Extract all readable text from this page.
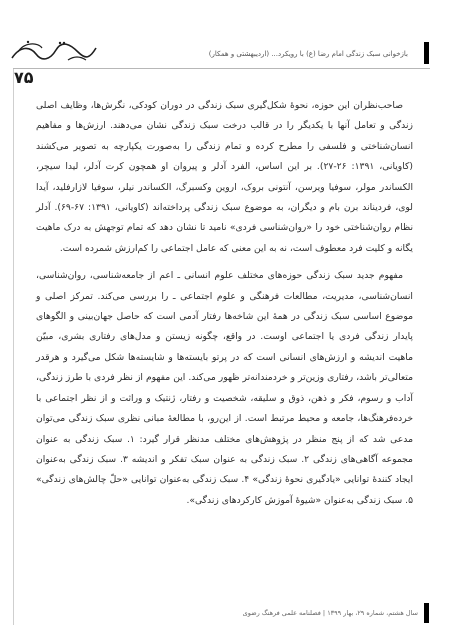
بازخوانی سبک زندگی امام رضا (ع) با رویکرد... (اردیبهشتی و همکار)
۷۵

صاحب‌نظران این حوزه، نحوۀ شکل‌گیری سبک زندگی در دوران کودکی، نگرش‌ها، وظایف اصلی زندگی و تعامل آنها با یکدیگر را در قالب درخت سبک زندگی نشان می‌دهند. ارزش‌ها و مفاهیم انسان‌شناختی و فلسفی را مطرح کرده و تمام زندگی را به‌صورت یکپارچه به تصویر می‌کشند (کاویانی، ۱۳۹۱: ۲۶-۲۷). بر این اساس، الفرد آدلر و پیروان او همچون کرت آدلر، لیدا سیچر، الکساندر مولر، سوفیا ویرسن، آنتونی بروک، اروین وکسبرگ، الکساندر نیلر، سوفیا لازارفلید، آیدا لوی، فردیناند برن بام و دیگران، به موضوع سبک زندگی پرداخته‌اند (کاویانی، ۱۳۹۱: ۶۷-۶۹). آدلر نظام روان‌شناختی خود را «روان‌شناسی فردی» نامید تا نشان دهد که تمام توجهش به درک ماهیت یگانه و کلیت فرد معطوف است، نه به این معنی که عامل اجتماعی را کم‌ارزش شمرده است.

مفهوم جدید سبک زندگی حوزه‌های مختلف علوم انسانی ـ اعم از جامعه‌شناسی، روان‌شناسی، انسان‌شناسی، مدیریت، مطالعات فرهنگی و علوم اجتماعی ـ را بررسی می‌کند. تمرکز اصلی و موضوع اساسی سبک زندگی در همۀ این شاخه‌ها رفتار آدمی است که حاصل جهان‌بینی و الگوهای پایدار زندگی فردی یا اجتماعی اوست. در واقع، چگونه زیستن و مدل‌های رفتاری بشری، مبیّن ماهیت اندیشه و ارزش‌های انسانی است که در پرتو بایسته‌ها و شایسته‌ها شکل می‌گیرد و هرقدر متعالی‌تر باشد، رفتاری وزین‌تر و خردمندانه‌تر ظهور می‌کند. این مفهوم از نظر فردی با طرز زندگی، آداب و رسوم، فکر و ذهن، ذوق و سلیقه، شخصیت و رفتار، ژنتیک و وراثت و از نظر اجتماعی با خرده‌فرهنگ‌ها، جامعه و محیط مرتبط است. از این‌رو، با مطالعۀ مبانی نظری سبک زندگی می‌توان مدعی شد که از پنج منظر در پژوهش‌های مختلف مدنظر قرار گیرد: ۱. سبک زندگی به عنوان مجموعه آگاهی‌های زندگی ۲. سبک زندگی به عنوان سبک تفکر و اندیشه ۳. سبک زندگی به‌عنوان ایجاد کنندۀ توانایی «یادگیری نحوۀ زندگی» ۴. سبک زندگی به‌عنوان توانایی «حلّ چالش‌های زندگی» ۵. سبک زندگی به‌عنوان «شیوۀ آموزش کارکردهای زندگی».

سال هشتم، شماره ۲۹، بهار ۱۳۹۹ | فصلنامه علمی فرهنگ رضوی
